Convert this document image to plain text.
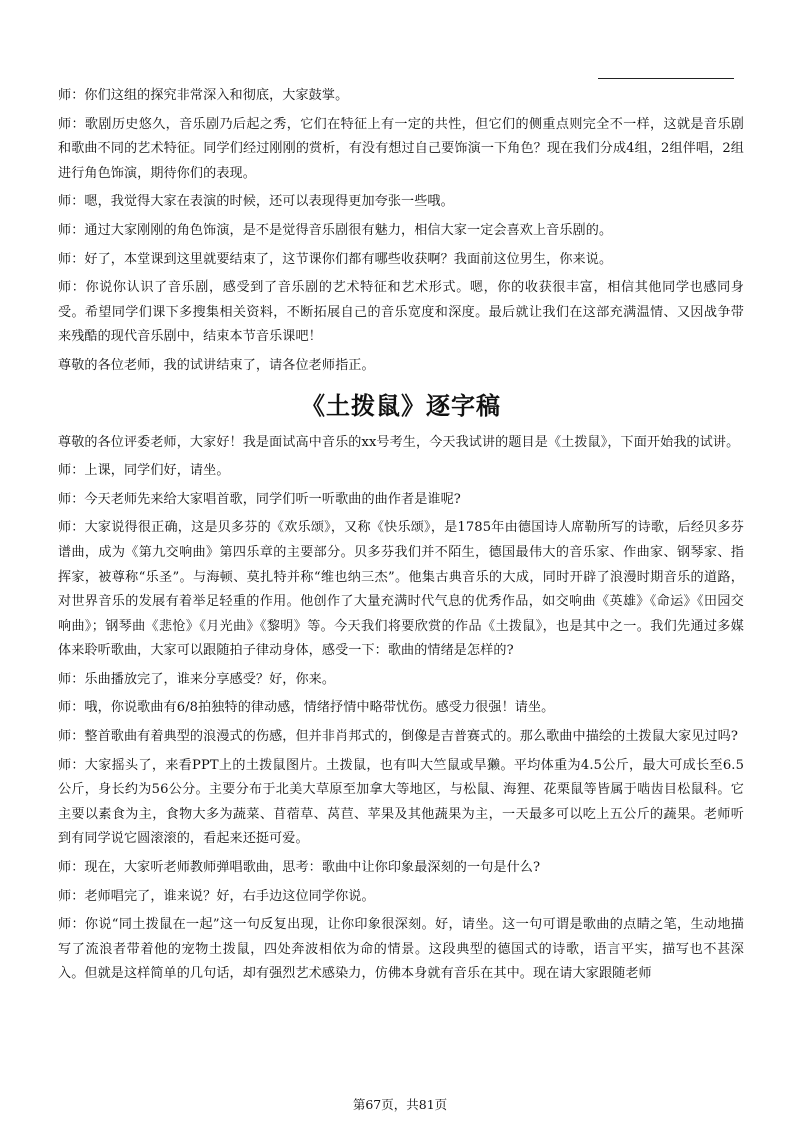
师：你们这组的探究非常深入和彻底，大家鼓掌。

师：歌剧历史悠久，音乐剧乃后起之秀，它们在特征上有一定的共性，但它们的侧重点则完全不一样，这就是音乐剧和歌曲不同的艺术特征。同学们经过刚刚的赏析，有没有想过自己要饰演一下角色？现在我们分成4组，2组伴唱，2组进行角色饰演，期待你们的表现。

师：嗯，我觉得大家在表演的时候，还可以表现得更加夸张一些哦。

师：通过大家刚刚的角色饰演，是不是觉得音乐剧很有魅力，相信大家一定会喜欢上音乐剧的。

师：好了，本堂课到这里就要结束了，这节课你们都有哪些收获啊？我面前这位男生，你来说。

师：你说你认识了音乐剧，感受到了音乐剧的艺术特征和艺术形式。嗯，你的收获很丰富，相信其他同学也感同身受。希望同学们课下多搜集相关资料，不断拓展自己的音乐宽度和深度。最后就让我们在这部充满温情、又因战争带来残酷的现代音乐剧中，结束本节音乐课吧！

尊敬的各位老师，我的试讲结束了，请各位老师指正。

《土拨鼠》逐字稿

尊敬的各位评委老师，大家好！我是面试高中音乐的xx号考生，今天我试讲的题目是《土拨鼠》，下面开始我的试讲。

师：上课，同学们好，请坐。

师：今天老师先来给大家唱首歌，同学们听一听歌曲的曲作者是谁呢?

师：大家说得很正确，这是贝多芬的《欢乐颂》，又称《快乐颂》，是1785年由德国诗人席勒所写的诗歌，后经贝多芬谱曲，成为《第九交响曲》第四乐章的主要部分。贝多芬我们并不陌生，德国最伟大的音乐家、作曲家、钢琴家、指挥家，被尊称“乐圣”。与海顿、莫扎特并称“维也纳三杰”。他集古典音乐的大成，同时开辟了浪漫时期音乐的道路，对世界音乐的发展有着举足轻重的作用。他创作了大量充满时代气息的优秀作品，如交响曲《英雄》《命运》《田园交响曲》；钢琴曲《悲怆》《月光曲》《黎明》等。今天我们将要欣赏的作品《土拨鼠》，也是其中之一。我们先通过多媒体来聆听歌曲，大家可以跟随拍子律动身体，感受一下：歌曲的情绪是怎样的?

师：乐曲播放完了，谁来分享感受？好，你来。

师：哦，你说歌曲有6/8拍独特的律动感，情绪抒情中略带忧伤。感受力很强！请坐。

师：整首歌曲有着典型的浪漫式的伤感，但并非肖邦式的，倒像是吉普赛式的。那么歌曲中描绘的土拨鼠大家见过吗?

师：大家摇头了，来看PPT上的土拨鼠图片。土拨鼠，也有叫大竺鼠或旱獭。平均体重为4.5公斤，最大可成长至6.5公斤，身长约为56公分。主要分布于北美大草原至加拿大等地区，与松鼠、海狸、花栗鼠等皆属于啮齿目松鼠科。它主要以素食为主，食物大多为蔬菜、苜蓿草、莴苣、苹果及其他蔬果为主，一天最多可以吃上五公斤的蔬果。老师听到有同学说它圆滚滚的，看起来还挺可爱。

师：现在，大家听老师教师弹唱歌曲，思考：歌曲中让你印象最深刻的一句是什么?

师：老师唱完了，谁来说？好，右手边这位同学你说。

师：你说“同土拨鼠在一起”这一句反复出现，让你印象很深刻。好，请坐。这一句可谓是歌曲的点睛之笔，生动地描写了流浪者带着他的宠物土拨鼠，四处奔波相依为命的情景。这段典型的德国式的诗歌，语言平实，描写也不甚深入。但就是这样简单的几句话，却有强烈艺术感染力，仿佛本身就有音乐在其中。现在请大家跟随老师

第67页，共81页
